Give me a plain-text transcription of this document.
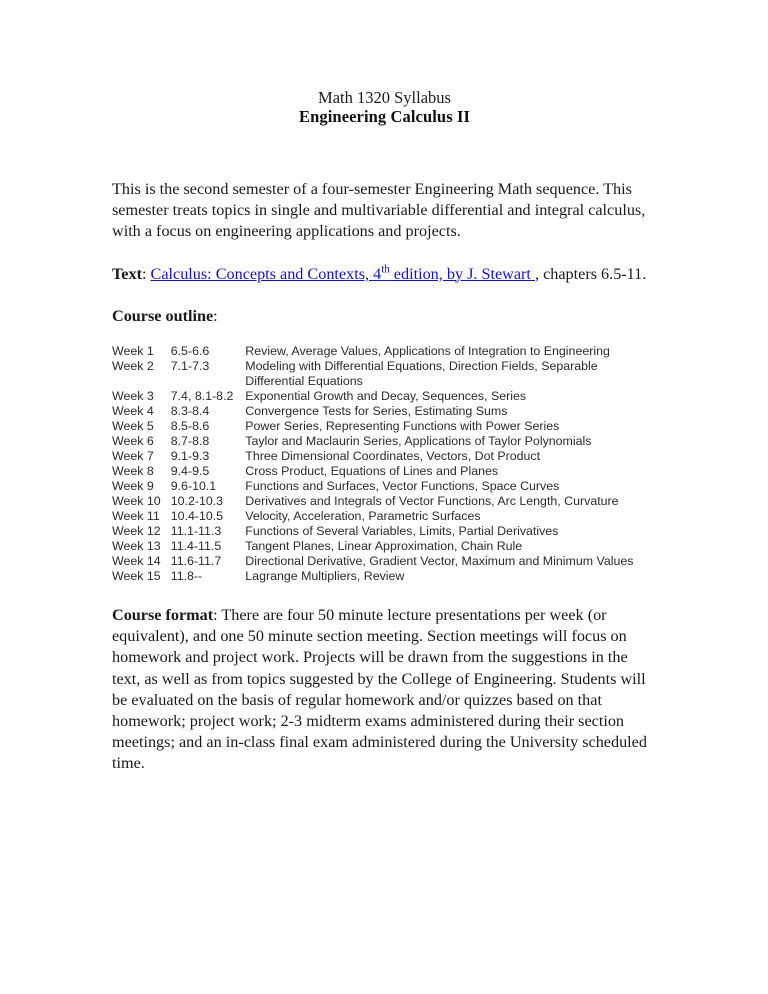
Math 1320 Syllabus
Engineering Calculus II
This is the second semester of a four-semester Engineering Math sequence. This semester treats topics in single and multivariable differential and integral calculus, with a focus on engineering applications and projects.
Text: Calculus: Concepts and Contexts, 4th edition, by J. Stewart , chapters 6.5-11.
Course outline:
Week 1	6.5-6.6	Review, Average Values, Applications of Integration to Engineering
Week 2	7.1-7.3	Modeling with Differential Equations, Direction Fields, Separable Differential Equations
Week 3	7.4, 8.1-8.2	Exponential Growth and Decay, Sequences, Series
Week 4	8.3-8.4	Convergence Tests for Series, Estimating Sums
Week 5	8.5-8.6	Power Series, Representing Functions with Power Series
Week 6	8.7-8.8	Taylor and Maclaurin Series, Applications of Taylor Polynomials
Week 7	9.1-9.3	Three Dimensional Coordinates, Vectors, Dot Product
Week 8	9.4-9.5	Cross Product, Equations of Lines and Planes
Week 9	9.6-10.1	Functions and Surfaces, Vector Functions, Space Curves
Week 10	10.2-10.3	Derivatives and Integrals of Vector Functions, Arc Length, Curvature
Week 11	10.4-10.5	Velocity, Acceleration, Parametric Surfaces
Week 12	11.1-11.3	Functions of Several Variables, Limits, Partial Derivatives
Week 13	11.4-11.5	Tangent Planes, Linear Approximation, Chain Rule
Week 14	11.6-11.7	Directional Derivative, Gradient Vector, Maximum and Minimum Values
Week 15	11.8--	Lagrange Multipliers, Review
Course format: There are four 50 minute lecture presentations per week (or equivalent), and one 50 minute section meeting. Section meetings will focus on homework and project work. Projects will be drawn from the suggestions in the text, as well as from topics suggested by the College of Engineering. Students will be evaluated on the basis of regular homework and/or quizzes based on that homework; project work; 2-3 midterm exams administered during their section meetings; and an in-class final exam administered during the University scheduled time.
